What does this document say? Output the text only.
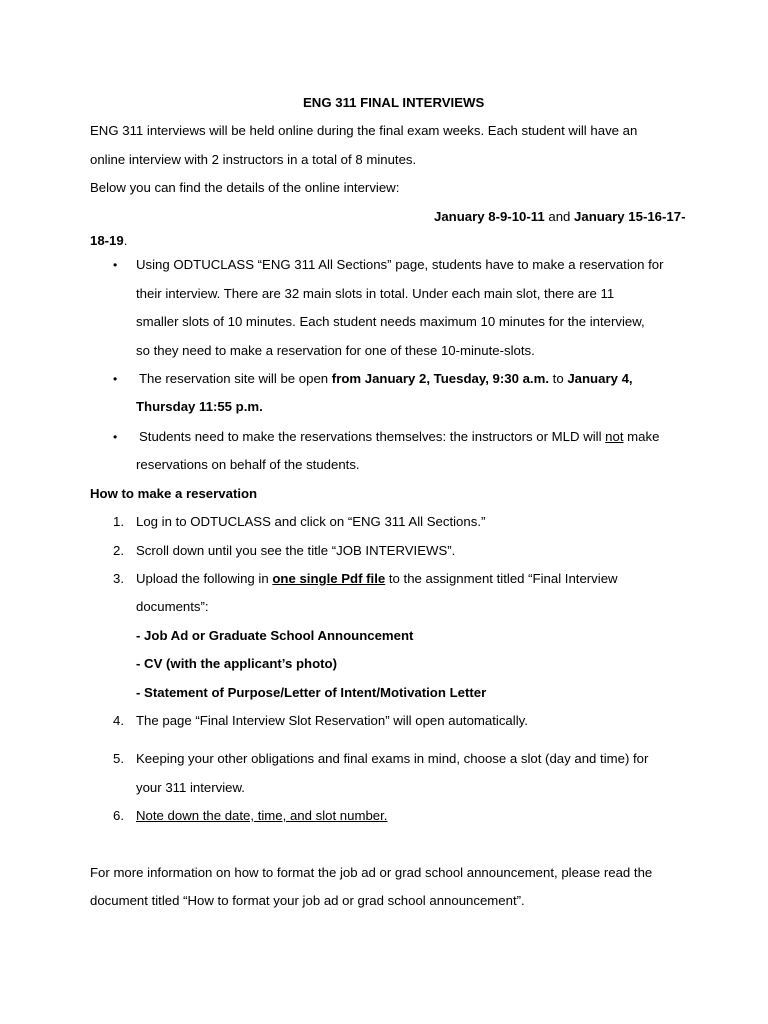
ENG 311 FINAL INTERVIEWS
ENG 311 interviews will be held online during the final exam weeks. Each student will have an
online interview with 2 instructors in a total of 8 minutes.
Below you can find the details of the online interview:
January 8-9-10-11 and January 15-16-17-
18-19.
• Using ODTUCLASS “ENG 311 All Sections” page, students have to make a reservation for
their interview. There are 32 main slots in total. Under each main slot, there are 11
smaller slots of 10 minutes. Each student needs maximum 10 minutes for the interview,
so they need to make a reservation for one of these 10-minute-slots.
• The reservation site will be open from January 2, Tuesday, 9:30 a.m. to January 4,
Thursday 11:55 p.m.
• Students need to make the reservations themselves: the instructors or MLD will not make
reservations on behalf of the students.
How to make a reservation
1. Log in to ODTUCLASS and click on “ENG 311 All Sections.”
2. Scroll down until you see the title “JOB INTERVIEWS”.
3. Upload the following in one single Pdf file to the assignment titled “Final Interview
documents”:
- Job Ad or Graduate School Announcement
- CV (with the applicant’s photo)
- Statement of Purpose/Letter of Intent/Motivation Letter
4. The page “Final Interview Slot Reservation” will open automatically.
5. Keeping your other obligations and final exams in mind, choose a slot (day and time) for
your 311 interview.
6. Note down the date, time, and slot number.
For more information on how to format the job ad or grad school announcement, please read the
document titled “How to format your job ad or grad school announcement”.
